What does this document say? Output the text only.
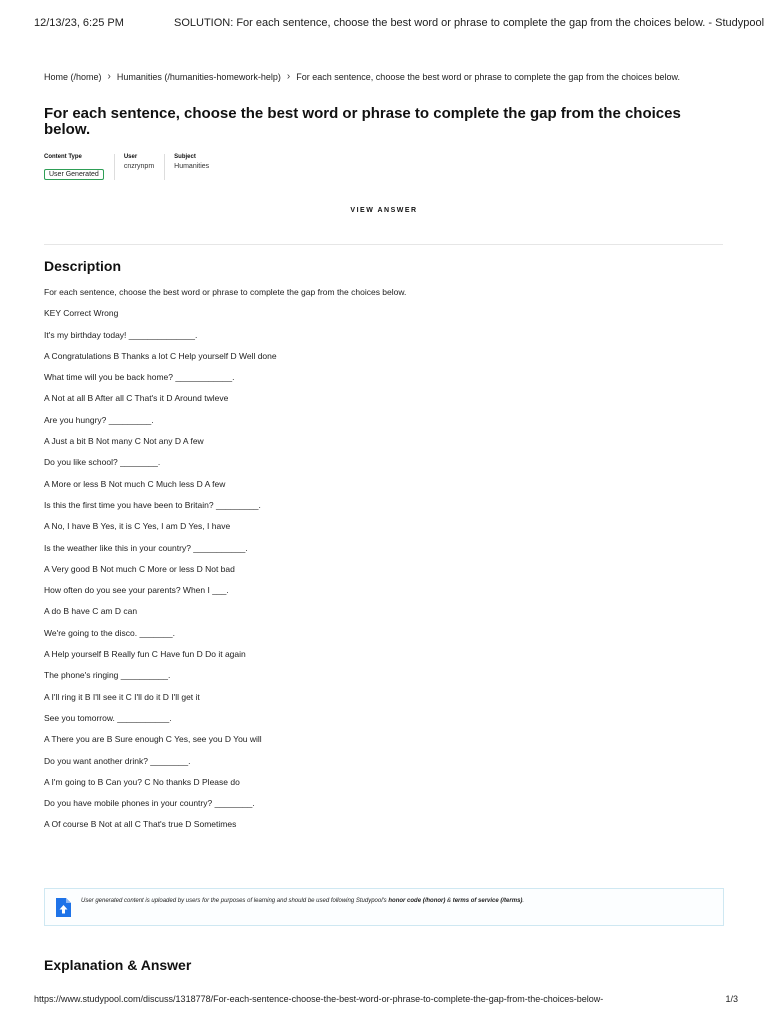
12/13/23, 6:25 PM	SOLUTION: For each sentence, choose the best word or phrase to complete the gap from the choices below. - Studypool
Home (/home) › Humanities (/humanities-homework-help) › For each sentence, choose the best word or phrase to complete the gap from the choices below.
For each sentence, choose the best word or phrase to complete the gap from the choices below.
Content Type
User Generated
User
cnzrynpm
Subject
Humanities
VIEW ANSWER
Description
For each sentence, choose the best word or phrase to complete the gap from the choices below.
KEY Correct Wrong
It's my birthday today! ______________.
A Congratulations B Thanks a lot C Help yourself D Well done
What time will you be back home? ____________.
A Not at all B After all C That's it D Around twleve
Are you hungry? _________.
A Just a bit B Not many C Not any D A few
Do you like school? ________.
A More or less B Not much C Much less D A few
Is this the first time you have been to Britain? _________.
A No, I have B Yes, it is C Yes, I am D Yes, I have
Is the weather like this in your country? ___________.
A Very good B Not much C More or less D Not bad
How often do you see your parents? When I ___.
A do B have C am D can
We're going to the disco. _______.
A Help yourself B Really fun C Have fun D Do it again
The phone's ringing __________.
A I'll ring it B I'll see it C I'll do it D I'll get it
See you tomorrow. ___________.
A There you are B Sure enough C Yes, see you D You will
Do you want another drink? ________.
A I'm going to B Can you? C No thanks D Please do
Do you have mobile phones in your country? ________.
A Of course B Not at all C That's true D Sometimes
User generated content is uploaded by users for the purposes of learning and should be used following Studypool's honor code (/honor) & terms of service (/terms).
Explanation & Answer
https://www.studypool.com/discuss/1318778/For-each-sentence-choose-the-best-word-or-phrase-to-complete-the-gap-from-the-choices-below-	1/3
